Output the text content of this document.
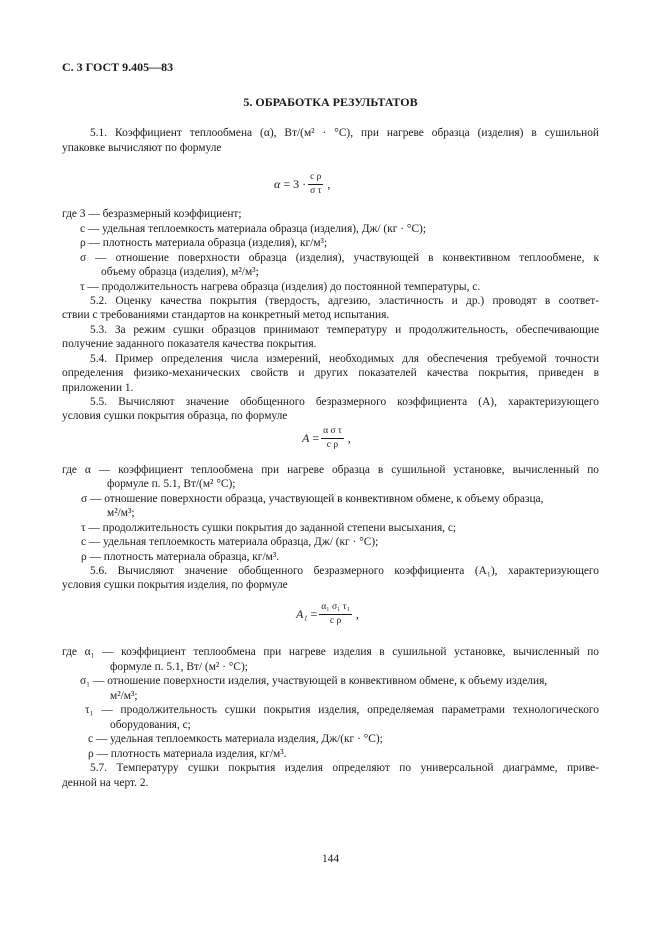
С. 3 ГОСТ 9.405—83
5. ОБРАБОТКА РЕЗУЛЬТАТОВ
5.1. Коэффициент теплообмена (α), Вт/(м² · °С), при нагреве образца (изделия) в сушильной
упаковке вычисляют по формуле
$\alpha = 3 \cdot \frac{\text{c ρ}}{\text{σ τ}}$ ,
где 3 — безразмерный коэффициент;
c — удельная теплоемкость материала образца (изделия), Дж/ (кг · °С);
ρ — плотность материала образца (изделия), кг/м³;
σ — отношение поверхности образца (изделия), участвующей в конвективном теплообмене, к
объему образца (изделия), м²/м³;
τ — продолжительность нагрева образца (изделия) до постоянной температуры, с.
5.2. Оценку качества покрытия (твердость, адгезию, эластичность и др.) проводят в соответ-
ствии с требованиями стандартов на конкретный метод испытания.
5.3. За режим сушки образцов принимают температуру и продолжительность, обеспечивающие
получение заданного показателя качества покрытия.
5.4. Пример определения числа измерений, необходимых для обеспечения требуемой точности
определения физико-механических свойств и других показателей качества покрытия, приведен в
приложении 1.
5.5. Вычисляют значение обобщенного безразмерного коэффициента (A), характеризующего
условия сушки покрытия образца, по формуле
$A = \frac{\text{α σ τ}}{\text{c ρ}}$ ,
где α — коэффициент теплообмена при нагреве образца в сушильной установке, вычисленный по
формуле п. 5.1, Вт/(м² °С);
σ — отношение поверхности образца, участвующей в конвективном обмене, к объему образца,
м²/м³;
τ — продолжительность сушки покрытия до заданной степени высыхания, с;
c — удельная теплоемкость материала образца, Дж/ (кг · °С);
ρ — плотность материала образца, кг/м³.
5.6. Вычисляют значение обобщенного безразмерного коэффициента (A₁), характеризующего
условия сушки покрытия изделия, по формуле
$A_1 = \frac{\text{α₁ σ₁ τ₁}}{\text{c ρ}}$ ,
где α₁ — коэффициент теплообмена при нагреве изделия в сушильной установке, вычисленный по
формуле п. 5.1, Вт/ (м² · °С);
σ₁ — отношение поверхности изделия, участвующей в конвективном обмене, к объему изделия,
м²/м³;
τ₁ — продолжительность сушки покрытия изделия, определяемая параметрами технологического
оборудования, с;
c — удельная теплоемкость материала изделия, Дж/(кг · °С);
ρ — плотность материала изделия, кг/м³.
5.7. Температуру сушки покрытия изделия определяют по универсальной диаграмме, приве-
денной на черт. 2.
144
